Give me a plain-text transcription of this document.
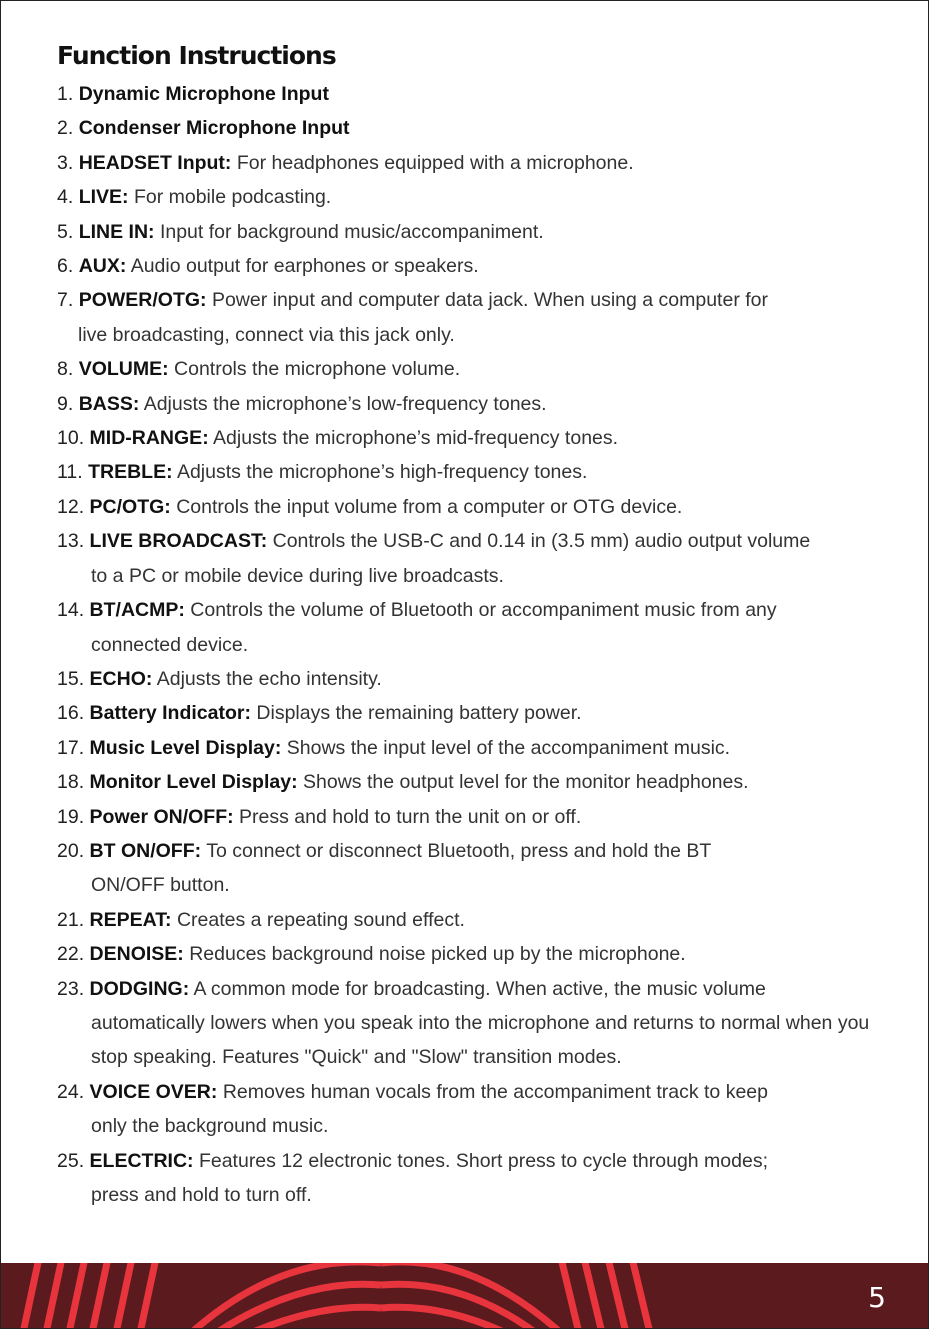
Function Instructions
1. Dynamic Microphone Input
2. Condenser Microphone Input
3. HEADSET Input: For headphones equipped with a microphone.
4. LIVE: For mobile podcasting.
5. LINE IN: Input for background music/accompaniment.
6. AUX: Audio output for earphones or speakers.
7. POWER/OTG: Power input and computer data jack. When using a computer for
live broadcasting, connect via this jack only.
8. VOLUME: Controls the microphone volume.
9. BASS: Adjusts the microphone’s low-frequency tones.
10. MID-RANGE: Adjusts the microphone’s mid-frequency tones.
11. TREBLE: Adjusts the microphone’s high-frequency tones.
12. PC/OTG: Controls the input volume from a computer or OTG device.
13. LIVE BROADCAST: Controls the USB-C and 0.14 in (3.5 mm) audio output volume
to a PC or mobile device during live broadcasts.
14. BT/ACMP: Controls the volume of Bluetooth or accompaniment music from any
connected device.
15. ECHO: Adjusts the echo intensity.
16. Battery Indicator: Displays the remaining battery power.
17. Music Level Display: Shows the input level of the accompaniment music.
18. Monitor Level Display: Shows the output level for the monitor headphones.
19. Power ON/OFF: Press and hold to turn the unit on or off.
20. BT ON/OFF: To connect or disconnect Bluetooth, press and hold the BT
ON/OFF button.
21. REPEAT: Creates a repeating sound effect.
22. DENOISE: Reduces background noise picked up by the microphone.
23. DODGING: A common mode for broadcasting. When active, the music volume
automatically lowers when you speak into the microphone and returns to normal when you stop speaking. Features "Quick" and "Slow" transition modes.
24. VOICE OVER: Removes human vocals from the accompaniment track to keep
only the background music.
25. ELECTRIC: Features 12 electronic tones. Short press to cycle through modes;
press and hold to turn off.
5
